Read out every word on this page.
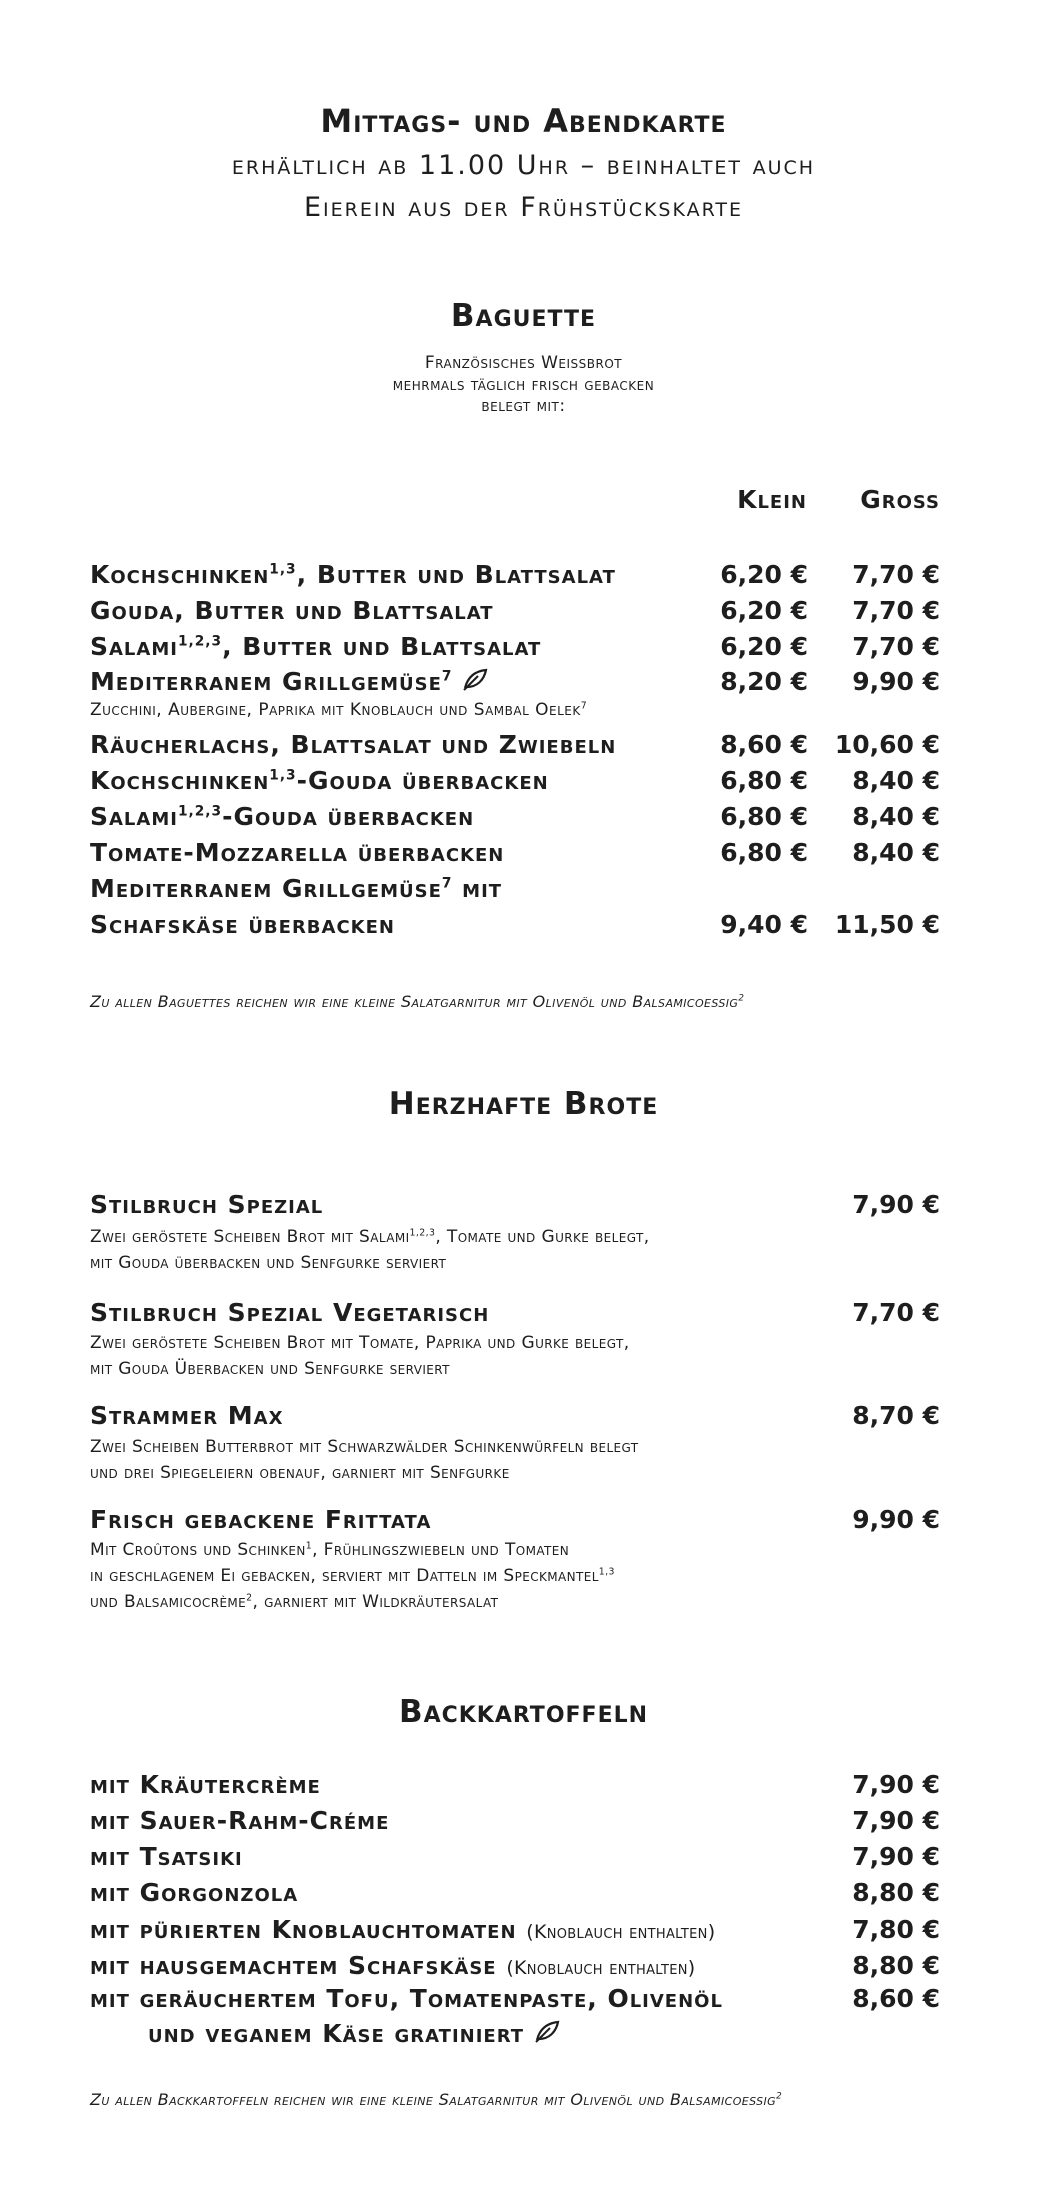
Mittags- und Abendkarte
erhältlich ab 11.00 Uhr – beinhaltet auch
Eierein aus der Frühstückskarte
Baguette
Französisches Weissbrot
mehrmals täglich frisch gebacken
belegt mit:
Klein Gross
Kochschinken$^{1,3}$, Butter und Blattsalat	6,20 € 7,70 €
Gouda, Butter und Blattsalat	6,20 € 7,70 €
Salami$^{1,2,3}$, Butter und Blattsalat	6,20 € 7,70 €
Mediterranem Grillgemüse$^7$	8,20 € 9,90 €
Zucchini, Aubergine, Paprika mit Knoblauch und Sambal Oelek$^7$
Räucherlachs, Blattsalat und Zwiebeln	8,60 € 10,60 €
Kochschinken$^{1,3}$-Gouda überbacken	6,80 € 8,40 €
Salami$^{1,2,3}$-Gouda überbacken	6,80 € 8,40 €
Tomate-Mozzarella überbacken	6,80 € 8,40 €
Mediterranem Grillgemüse$^7$ mit
Schafskäse überbacken	9,40 € 11,50 €
Zu allen Baguettes reichen wir eine kleine Salatgarnitur mit Olivenöl und Balsamicoessig$^2$
Herzhafte Brote
Stilbruch Spezial	7,90 €
Zwei geröstete Scheiben Brot mit Salami$^{1,2,3}$, Tomate und Gurke belegt,
mit Gouda überbacken und Senfgurke serviert
Stilbruch Spezial Vegetarisch	7,70 €
Zwei geröstete Scheiben Brot mit Tomate, Paprika und Gurke belegt,
mit Gouda Überbacken und Senfgurke serviert
Strammer Max	8,70 €
Zwei Scheiben Butterbrot mit Schwarzwälder Schinkenwürfeln belegt
und drei Spiegeleiern obenauf, garniert mit Senfgurke
Frisch gebackene Frittata	9,90 €
Mit Croûtons und Schinken$^1$, Frühlingszwiebeln und Tomaten
in geschlagenem Ei gebacken, serviert mit Datteln im Speckmantel$^{1,3}$
und Balsamicocrème$^2$, garniert mit Wildkräutersalat
Backkartoffeln
mit Kräutercrème	7,90 €
mit Sauer-Rahm-Créme	7,90 €
mit Tsatsiki	7,90 €
mit Gorgonzola	8,80 €
mit pürierten Knoblauchtomaten (Knoblauch enthalten)	7,80 €
mit hausgemachtem Schafskäse (Knoblauch enthalten)	8,80 €
mit geräuchertem Tofu, Tomatenpaste, Olivenöl	8,60 €
und veganem Käse gratiniert
Zu allen Backkartoffeln reichen wir eine kleine Salatgarnitur mit Olivenöl und Balsamicoessig$^2$
